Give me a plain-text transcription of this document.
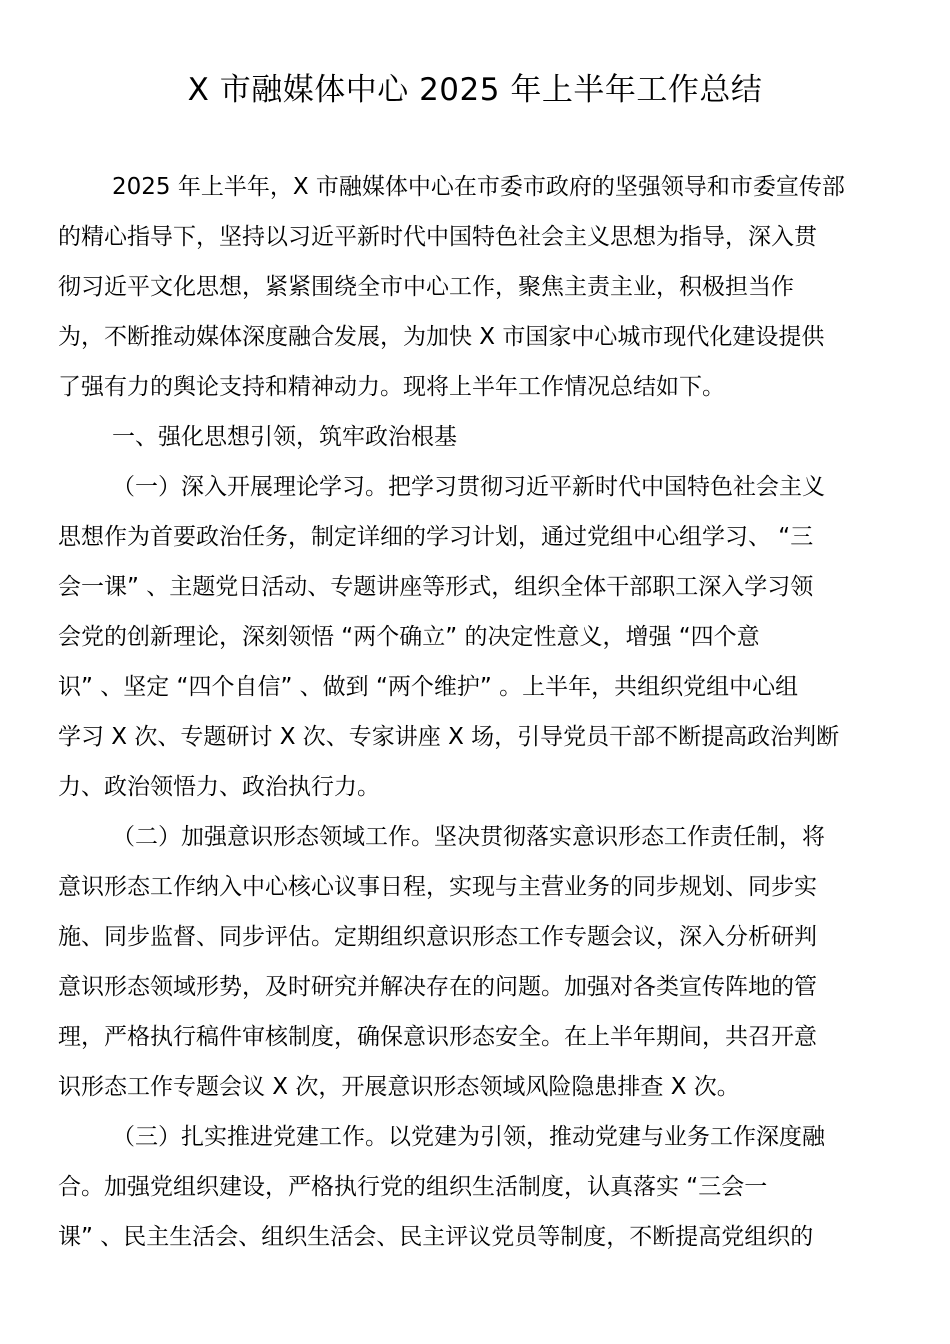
X 市融媒体中心 2025 年上半年工作总结
2025 年上半年，X 市融媒体中心在市委市政府的坚强领导和市委宣传部
的精心指导下，坚持以习近平新时代中国特色社会主义思想为指导，深入贯
彻习近平文化思想，紧紧围绕全市中心工作，聚焦主责主业，积极担当作
为，不断推动媒体深度融合发展，为加快 X 市国家中心城市现代化建设提供
了强有力的舆论支持和精神动力。现将上半年工作情况总结如下。
一、强化思想引领，筑牢政治根基
（一）深入开展理论学习。把学习贯彻习近平新时代中国特色社会主义
思想作为首要政治任务，制定详细的学习计划，通过党组中心组学习、 “三
会一课” 、主题党日活动、专题讲座等形式，组织全体干部职工深入学习领
会党的创新理论，深刻领悟 “两个确立” 的决定性意义，增强 “四个意
识” 、坚定 “四个自信” 、做到 “两个维护” 。上半年，共组织党组中心组
学习 X 次、专题研讨 X 次、专家讲座 X 场，引导党员干部不断提高政治判断
力、政治领悟力、政治执行力。
（二）加强意识形态领域工作。坚决贯彻落实意识形态工作责任制，将
意识形态工作纳入中心核心议事日程，实现与主营业务的同步规划、同步实
施、同步监督、同步评估。定期组织意识形态工作专题会议，深入分析研判
意识形态领域形势，及时研究并解决存在的问题。加强对各类宣传阵地的管
理，严格执行稿件审核制度，确保意识形态安全。在上半年期间，共召开意
识形态工作专题会议 X 次，开展意识形态领域风险隐患排查 X 次。
（三）扎实推进党建工作。以党建为引领，推动党建与业务工作深度融
合。加强党组织建设，严格执行党的组织生活制度，认真落实 “三会一
课” 、民主生活会、组织生活会、民主评议党员等制度，不断提高党组织的
